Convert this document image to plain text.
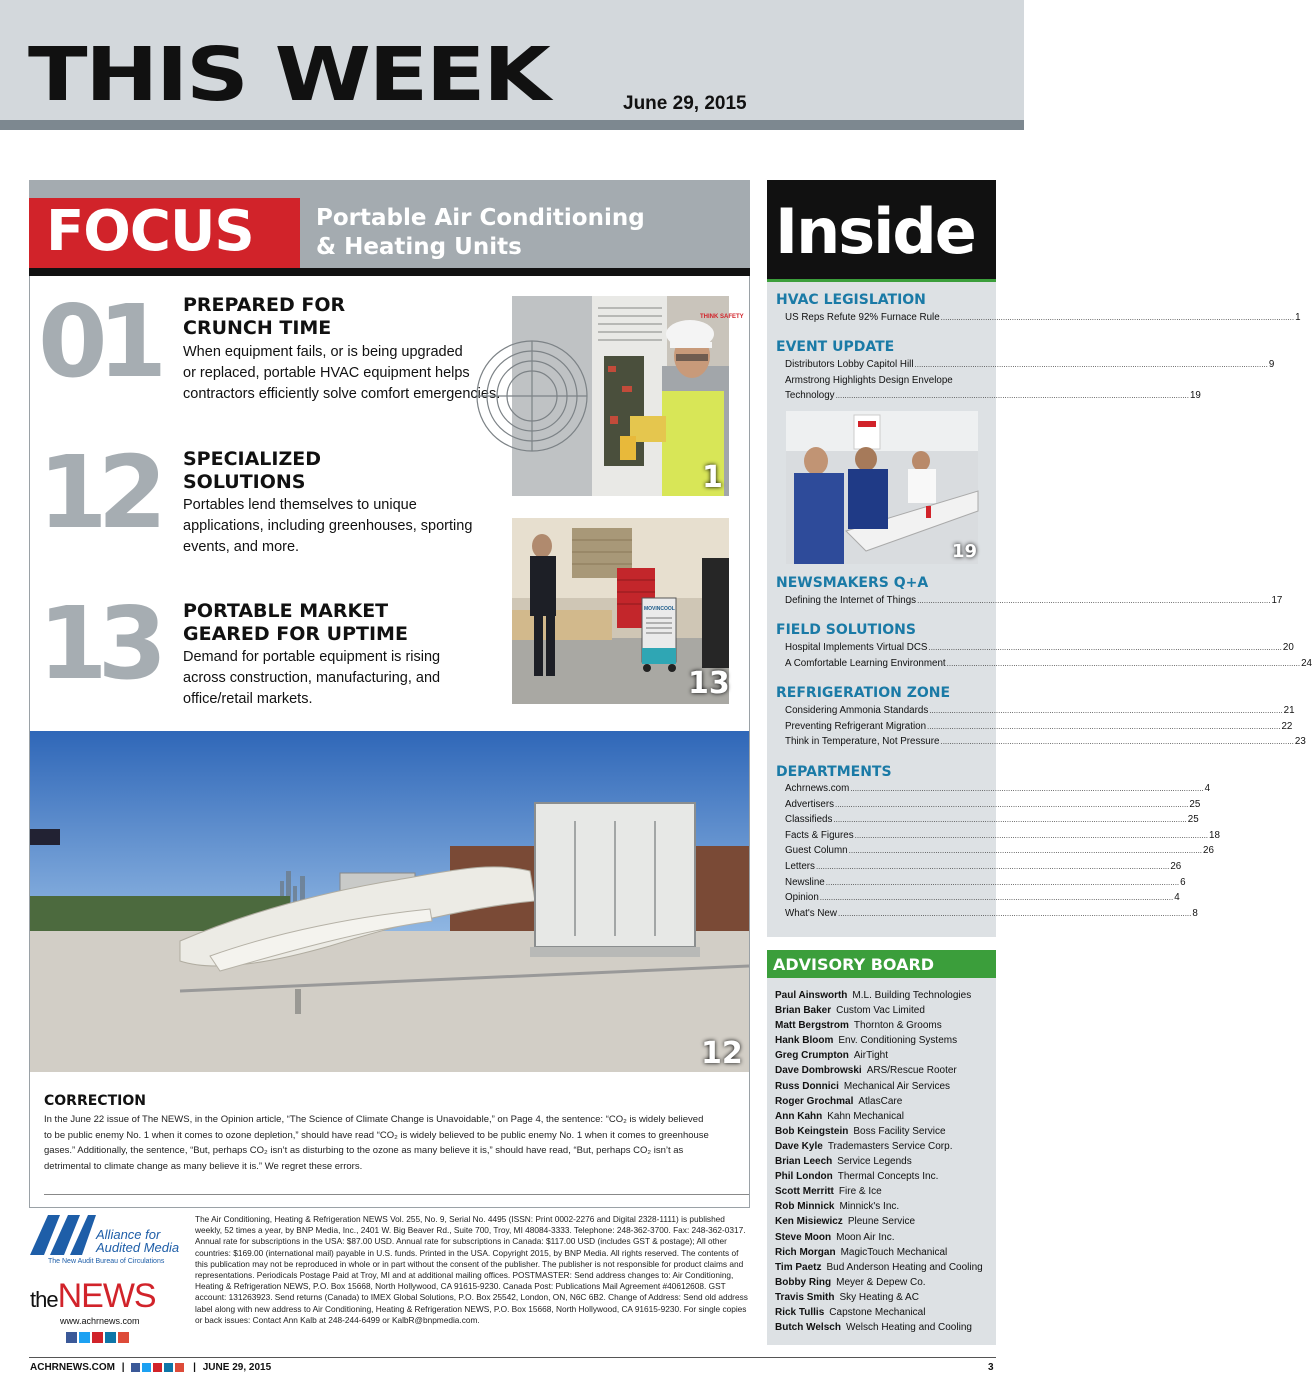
THIS WEEK	June 29, 2015
FOCUS	Portable Air Conditioning
& Heating Units
01 PREPARED FOR
CRUNCH TIME
When equipment fails, or is being upgraded
or replaced, portable HVAC equipment helps
contractors efficiently solve comfort emergencies.
12 SPECIALIZED
SOLUTIONS
Portables lend themselves to unique
applications, including greenhouses, sporting
events, and more.
13 PORTABLE MARKET
GEARED FOR UPTIME
Demand for portable equipment is rising
across construction, manufacturing, and
office/retail markets.
THINK SAFETY
1
MOVINCOOL
13
12
CORRECTION
In the June 22 issue of The NEWS, in the Opinion article, “The Science of Climate Change is Unavoidable,” on Page 4, the sentence: “CO₂ is widely believed
to be public enemy No. 1 when it comes to ozone depletion,” should have read “CO₂ is widely believed to be public enemy No. 1 when it comes to greenhouse
gases.” Additionally, the sentence, “But, perhaps CO₂ isn’t as disturbing to the ozone as many believe it is,” should have read, “But, perhaps CO₂ isn’t as
detrimental to climate change as many believe it is.” We regret these errors.
Alliance for
Audited Media
The New Audit Bureau of Circulations
theNEWS
www.achrnews.com
The Air Conditioning, Heating & Refrigeration NEWS Vol. 255, No. 9, Serial No. 4495 (ISSN: Print 0002-2276 and Digital 2328-1111) is published weekly, 52 times a year, by BNP Media, Inc., 2401 W. Big Beaver Rd., Suite 700, Troy, MI 48084-3333. Telephone: 248-362-3700. Fax: 248-362-0317. Annual rate for subscriptions in the USA: $87.00 USD. Annual rate for subscriptions in Canada: $117.00 USD (includes GST & postage); All other countries: $169.00 (international mail) payable in U.S. funds. Printed in the USA. Copyright 2015, by BNP Media. All rights reserved. The contents of this publication may not be reproduced in whole or in part without the consent of the publisher. The publisher is not responsible for product claims and representations. Periodicals Postage Paid at Troy, MI and at additional mailing offices. POSTMASTER: Send address changes to: Air Conditioning, Heating & Refrigeration NEWS, P.O. Box 15668, North Hollywood, CA 91615-9230. Canada Post: Publications Mail Agreement #40612608. GST account: 131263923. Send returns (Canada) to IMEX Global Solutions, P.O. Box 25542, London, ON, N6C 6B2. Change of Address: Send old address label along with new address to Air Conditioning, Heating & Refrigeration NEWS, P.O. Box 15668, North Hollywood, CA 91615-9230. For single copies or back issues: Contact Ann Kalb at 248-244-6499 or KalbR@bnpmedia.com.
ACHRNEWS.COM |	| JUNE 29, 2015	3
Inside
HVAC LEGISLATION
US Reps Refute 92% Furnace Rule .....	1
EVENT UPDATE
Distributors Lobby Capitol Hill .....	9
Armstrong Highlights Design Envelope
Technology .....	19
19
NEWSMAKERS Q+A
Defining the Internet of Things .....	17
FIELD SOLUTIONS
Hospital Implements Virtual DCS .....	20
A Comfortable Learning Environment .....	24
REFRIGERATION ZONE
Considering Ammonia Standards .....	21
Preventing Refrigerant Migration .....	22
Think in Temperature, Not Pressure .....	23
DEPARTMENTS
Achrnews.com .....	4
Advertisers .....	25
Classifieds .....	25
Facts & Figures .....	18
Guest Column .....	26
Letters .....	26
Newsline .....	6
Opinion .....	4
What's New .....	8
ADVISORY BOARD
Paul Ainsworth M.L. Building Technologies
Brian Baker Custom Vac Limited
Matt Bergstrom Thornton & Grooms
Hank Bloom Env. Conditioning Systems
Greg Crumpton AirTight
Dave Dombrowski ARS/Rescue Rooter
Russ Donnici Mechanical Air Services
Roger Grochmal AtlasCare
Ann Kahn Kahn Mechanical
Bob Keingstein Boss Facility Service
Dave Kyle Trademasters Service Corp.
Brian Leech Service Legends
Phil London Thermal Concepts Inc.
Scott Merritt Fire & Ice
Rob Minnick Minnick's Inc.
Ken Misiewicz Pleune Service
Steve Moon Moon Air Inc.
Rich Morgan MagicTouch Mechanical
Tim Paetz Bud Anderson Heating and Cooling
Bobby Ring Meyer & Depew Co.
Travis Smith Sky Heating & AC
Rick Tullis Capstone Mechanical
Butch Welsch Welsch Heating and Cooling
